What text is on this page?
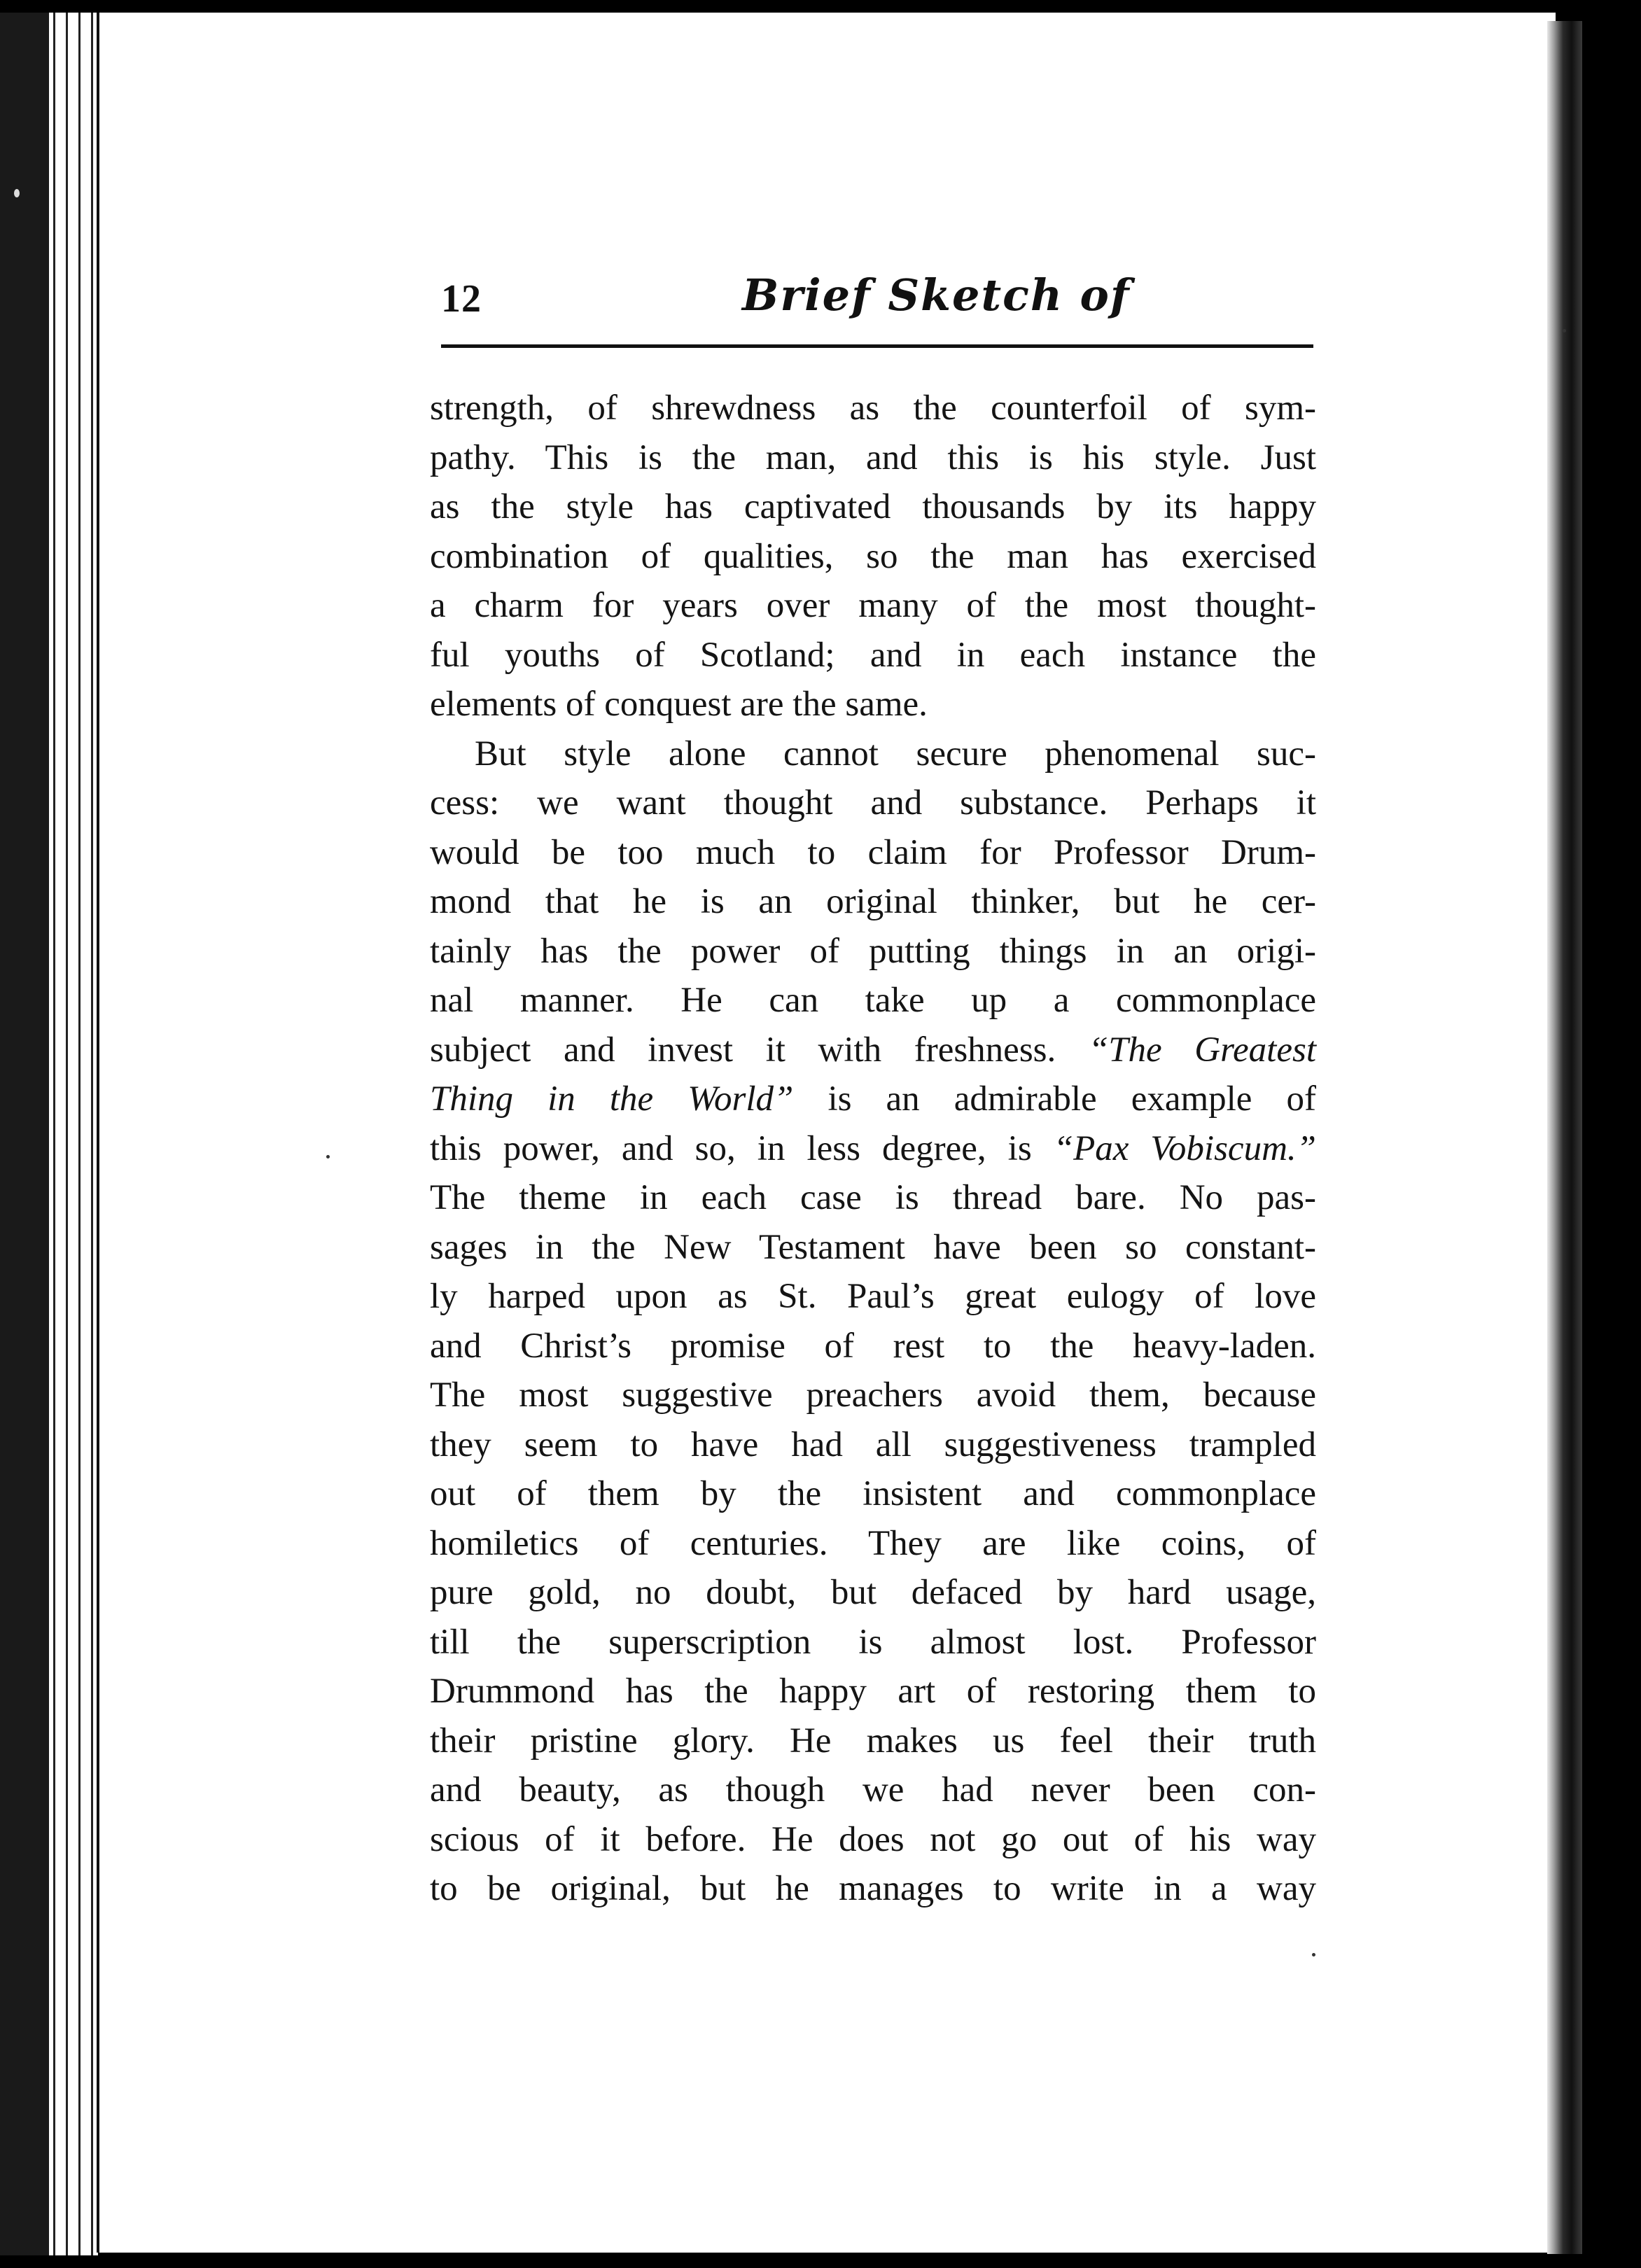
12	Brief Sketch of
strength, of shrewdness as the counterfoil of sym-
pathy. This is the man, and this is his style. Just
as the style has captivated thousands by its happy
combination of qualities, so the man has exercised
a charm for years over many of the most thought-
ful youths of Scotland; and in each instance the
elements of conquest are the same.
But style alone cannot secure phenomenal suc-
cess: we want thought and substance. Perhaps it
would be too much to claim for Professor Drum-
mond that he is an original thinker, but he cer-
tainly has the power of putting things in an origi-
nal manner. He can take up a commonplace
subject and invest it with freshness. “The Greatest
Thing in the World” is an admirable example of
this power, and so, in less degree, is “Pax Vobiscum.”
The theme in each case is thread bare. No pas-
sages in the New Testament have been so constant-
ly harped upon as St. Paul’s great eulogy of love
and Christ’s promise of rest to the heavy-laden.
The most suggestive preachers avoid them, because
they seem to have had all suggestiveness trampled
out of them by the insistent and commonplace
homiletics of centuries. They are like coins, of
pure gold, no doubt, but defaced by hard usage,
till the superscription is almost lost. Professor
Drummond has the happy art of restoring them to
their pristine glory. He makes us feel their truth
and beauty, as though we had never been con-
scious of it before. He does not go out of his way
to be original, but he manages to write in a way
